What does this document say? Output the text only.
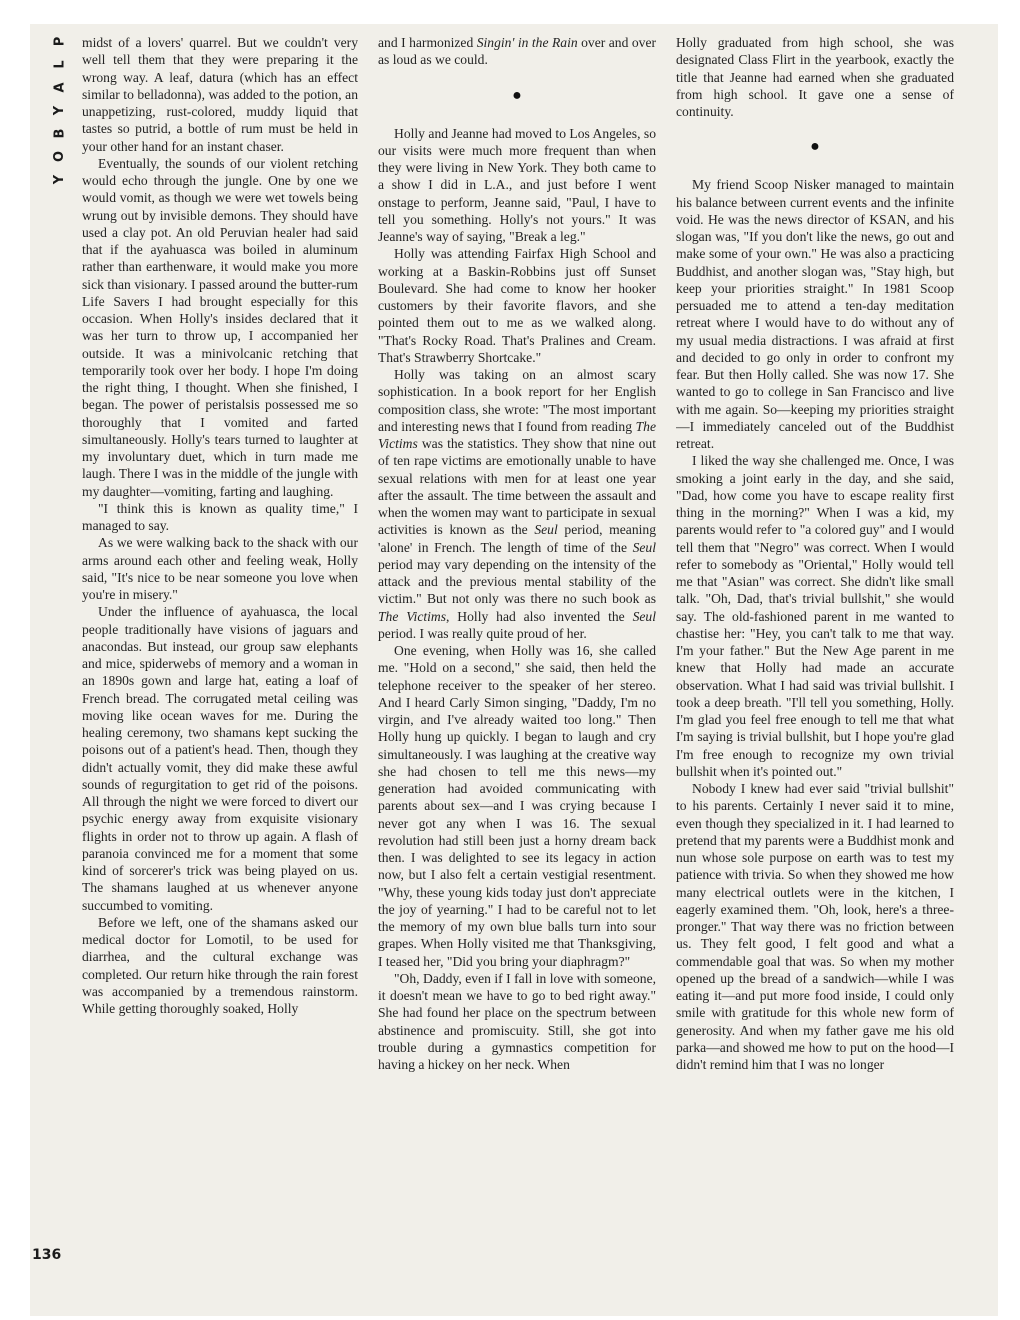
P
L
A
Y
B
O
Y
136

midst of a lovers' quarrel. But we couldn't very well tell them that they were preparing it the wrong way. A leaf, datura (which has an effect similar to belladonna), was added to the potion, an unappetizing, rust-colored, muddy liquid that tastes so putrid, a bottle of rum must be held in your other hand for an instant chaser.

Eventually, the sounds of our violent retching would echo through the jungle. One by one we would vomit, as though we were wet towels being wrung out by invisible demons. They should have used a clay pot. An old Peruvian healer had said that if the ayahuasca was boiled in aluminum rather than earthenware, it would make you more sick than visionary. I passed around the butter-rum Life Savers I had brought especially for this occasion. When Holly's insides declared that it was her turn to throw up, I accompanied her outside. It was a minivolcanic retching that temporarily took over her body. I hope I'm doing the right thing, I thought. When she finished, I began. The power of peristalsis possessed me so thoroughly that I vomited and farted simultaneously. Holly's tears turned to laughter at my involuntary duet, which in turn made me laugh. There I was in the middle of the jungle with my daughter—vomiting, farting and laughing.

"I think this is known as quality time," I managed to say.

As we were walking back to the shack with our arms around each other and feeling weak, Holly said, "It's nice to be near someone you love when you're in misery."

Under the influence of ayahuasca, the local people traditionally have visions of jaguars and anacondas. But instead, our group saw elephants and mice, spiderwebs of memory and a woman in an 1890s gown and large hat, eating a loaf of French bread. The corrugated metal ceiling was moving like ocean waves for me. During the healing ceremony, two shamans kept sucking the poisons out of a patient's head. Then, though they didn't actually vomit, they did make these awful sounds of regurgitation to get rid of the poisons. All through the night we were forced to divert our psychic energy away from exquisite visionary flights in order not to throw up again. A flash of paranoia convinced me for a moment that some kind of sorcerer's trick was being played on us. The shamans laughed at us whenever anyone succumbed to vomiting.

Before we left, one of the shamans asked our medical doctor for Lomotil, to be used for diarrhea, and the cultural exchange was completed. Our return hike through the rain forest was accompanied by a tremendous rainstorm. While getting thoroughly soaked, Holly

and I harmonized Singin' in the Rain over and over as loud as we could.

●

Holly and Jeanne had moved to Los Angeles, so our visits were much more frequent than when they were living in New York. They both came to a show I did in L.A., and just before I went onstage to perform, Jeanne said, "Paul, I have to tell you something. Holly's not yours." It was Jeanne's way of saying, "Break a leg."

Holly was attending Fairfax High School and working at a Baskin-Robbins just off Sunset Boulevard. She had come to know her hooker customers by their favorite flavors, and she pointed them out to me as we walked along. "That's Rocky Road. That's Pralines and Cream. That's Strawberry Shortcake."

Holly was taking on an almost scary sophistication. In a book report for her English composition class, she wrote: "The most important and interesting news that I found from reading The Victims was the statistics. They show that nine out of ten rape victims are emotionally unable to have sexual relations with men for at least one year after the assault. The time between the assault and when the women may want to participate in sexual activities is known as the Seul period, meaning 'alone' in French. The length of time of the Seul period may vary depending on the intensity of the attack and the previous mental stability of the victim." But not only was there no such book as The Victims, Holly had also invented the Seul period. I was really quite proud of her.

One evening, when Holly was 16, she called me. "Hold on a second," she said, then held the telephone receiver to the speaker of her stereo. And I heard Carly Simon singing, "Daddy, I'm no virgin, and I've already waited too long." Then Holly hung up quickly. I began to laugh and cry simultaneously. I was laughing at the creative way she had chosen to tell me this news—my generation had avoided communicating with parents about sex—and I was crying because I never got any when I was 16. The sexual revolution had still been just a horny dream back then. I was delighted to see its legacy in action now, but I also felt a certain vestigial resentment. "Why, these young kids today just don't appreciate the joy of yearning." I had to be careful not to let the memory of my own blue balls turn into sour grapes. When Holly visited me that Thanksgiving, I teased her, "Did you bring your diaphragm?"

"Oh, Daddy, even if I fall in love with someone, it doesn't mean we have to go to bed right away." She had found her place on the spectrum between abstinence and promiscuity. Still, she got into trouble during a gymnastics competition for having a hickey on her neck. When

Holly graduated from high school, she was designated Class Flirt in the yearbook, exactly the title that Jeanne had earned when she graduated from high school. It gave one a sense of continuity.

●

My friend Scoop Nisker managed to maintain his balance between current events and the infinite void. He was the news director of KSAN, and his slogan was, "If you don't like the news, go out and make some of your own." He was also a practicing Buddhist, and another slogan was, "Stay high, but keep your priorities straight." In 1981 Scoop persuaded me to attend a ten-day meditation retreat where I would have to do without any of my usual media distractions. I was afraid at first and decided to go only in order to confront my fear. But then Holly called. She was now 17. She wanted to go to college in San Francisco and live with me again. So—keeping my priorities straight—I immediately canceled out of the Buddhist retreat.

I liked the way she challenged me. Once, I was smoking a joint early in the day, and she said, "Dad, how come you have to escape reality first thing in the morning?" When I was a kid, my parents would refer to "a colored guy" and I would tell them that "Negro" was correct. When I would refer to somebody as "Oriental," Holly would tell me that "Asian" was correct. She didn't like small talk. "Oh, Dad, that's trivial bullshit," she would say. The old-fashioned parent in me wanted to chastise her: "Hey, you can't talk to me that way. I'm your father." But the New Age parent in me knew that Holly had made an accurate observation. What I had said was trivial bullshit. I took a deep breath. "I'll tell you something, Holly. I'm glad you feel free enough to tell me that what I'm saying is trivial bullshit, but I hope you're glad I'm free enough to recognize my own trivial bullshit when it's pointed out."

Nobody I knew had ever said "trivial bullshit" to his parents. Certainly I never said it to mine, even though they specialized in it. I had learned to pretend that my parents were a Buddhist monk and nun whose sole purpose on earth was to test my patience with trivia. So when they showed me how many electrical outlets were in the kitchen, I eagerly examined them. "Oh, look, here's a three-pronger." That way there was no friction between us. They felt good, I felt good and what a commendable goal that was. So when my mother opened up the bread of a sandwich—while I was eating it—and put more food inside, I could only smile with gratitude for this whole new form of generosity. And when my father gave me his old parka—and showed me how to put on the hood—I didn't remind him that I was no longer
